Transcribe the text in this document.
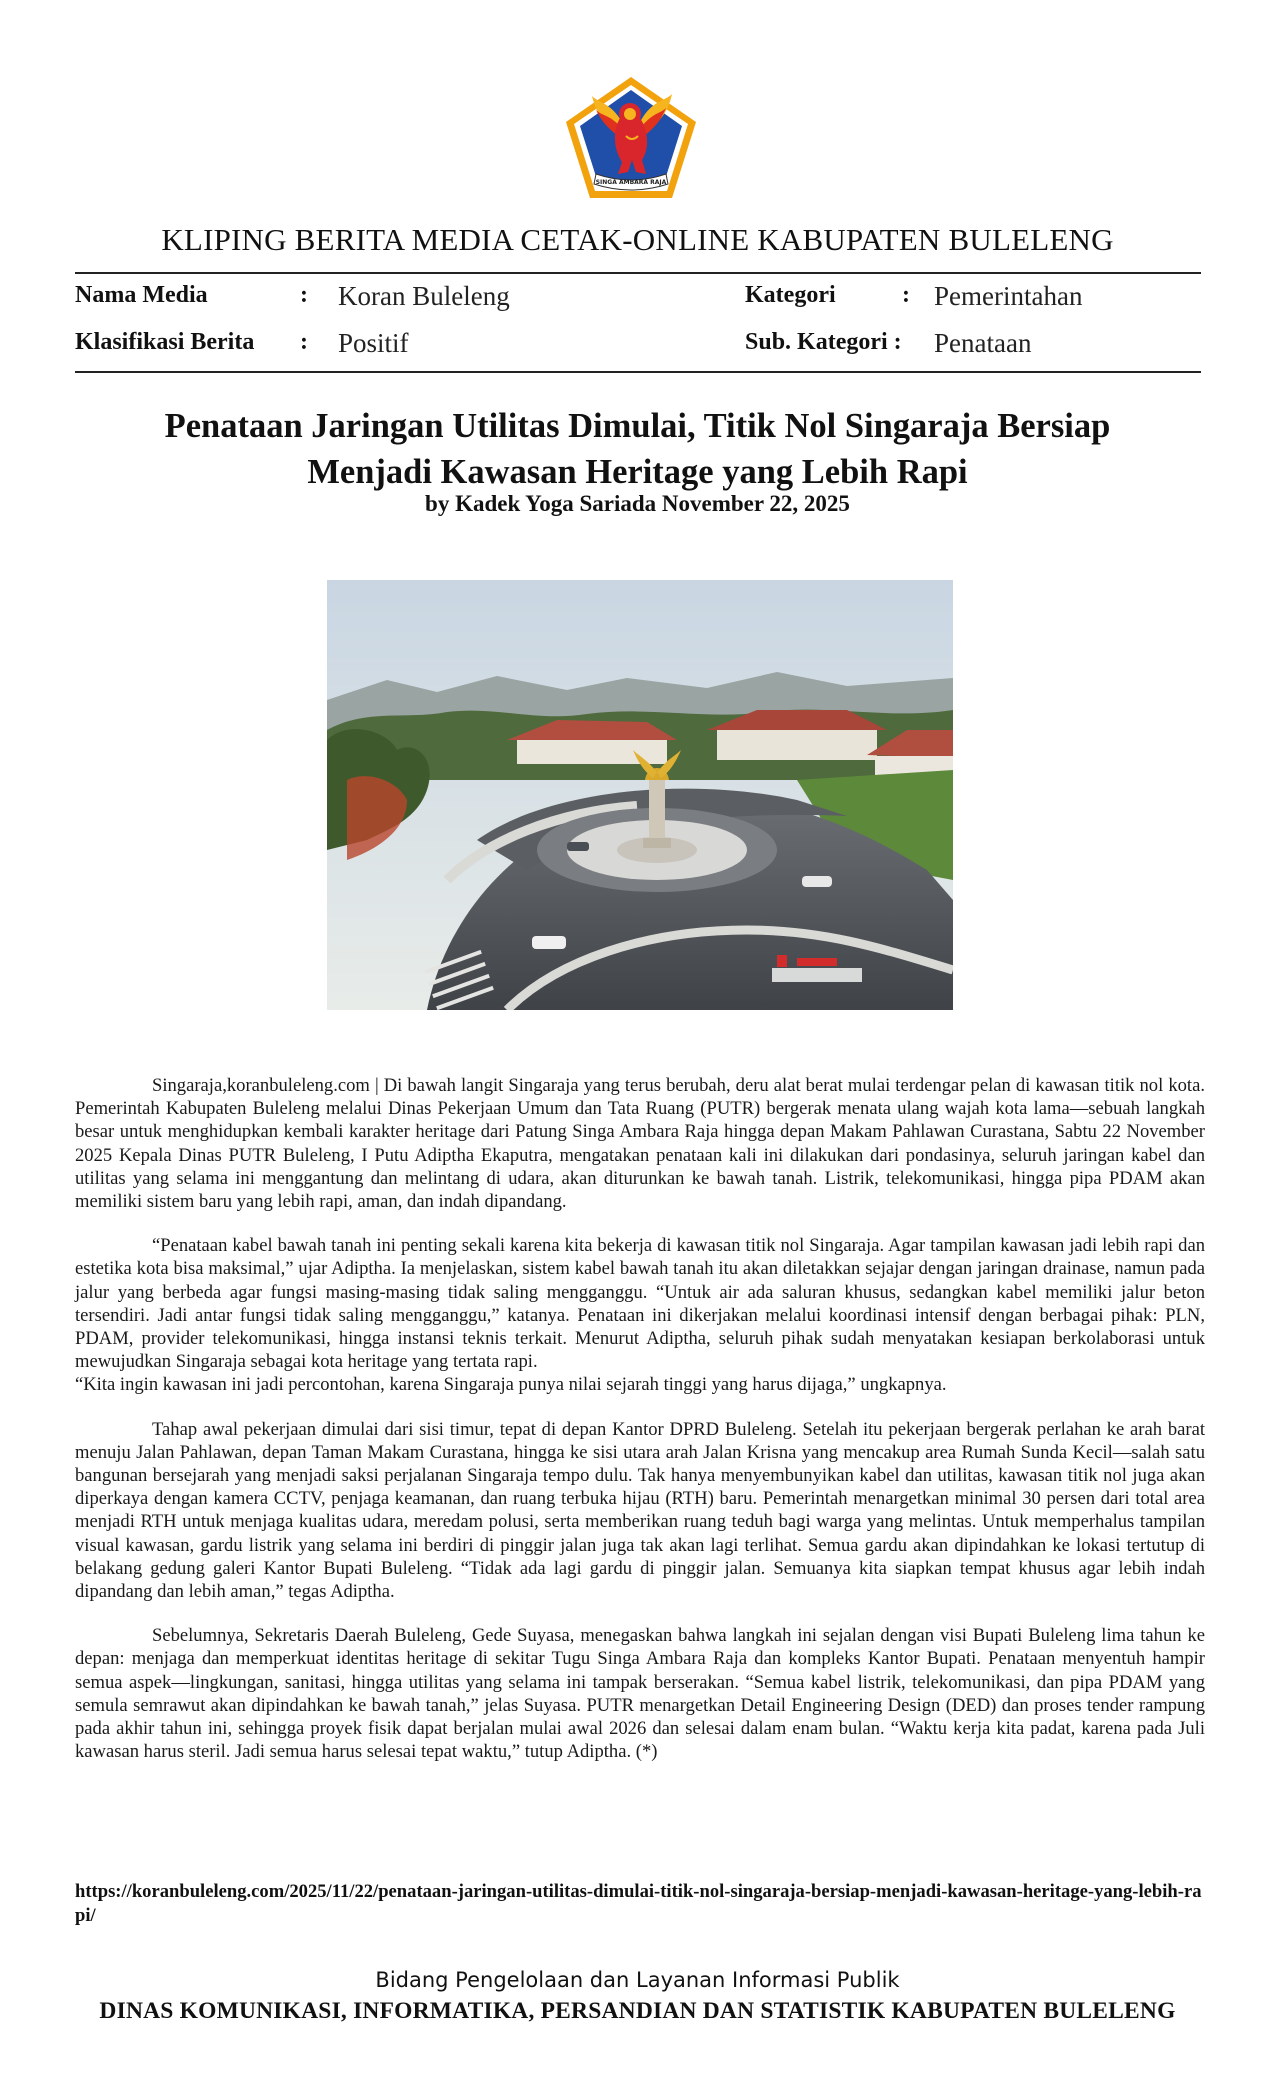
SINGA AMBARA RAJA
KLIPING BERITA MEDIA CETAK-ONLINE KABUPATEN BULELENG
Nama Media	: Koran Buleleng	Kategori	: Pemerintahan
Klasifikasi Berita : Positif	Sub. Kategori : Penataan
Penataan Jaringan Utilitas Dimulai, Titik Nol Singaraja Bersiap Menjadi Kawasan Heritage yang Lebih Rapi
by Kadek Yoga Sariada November 22, 2025

Singaraja,koranbuleleng.com | Di bawah langit Singaraja yang terus berubah, deru alat berat mulai terdengar pelan di kawasan titik nol kota. Pemerintah Kabupaten Buleleng melalui Dinas Pekerjaan Umum dan Tata Ruang (PUTR) bergerak menata ulang wajah kota lama—sebuah langkah besar untuk menghidupkan kembali karakter heritage dari Patung Singa Ambara Raja hingga depan Makam Pahlawan Curastana, Sabtu 22 November 2025 Kepala Dinas PUTR Buleleng, I Putu Adiptha Ekaputra, mengatakan penataan kali ini dilakukan dari pondasinya, seluruh jaringan kabel dan utilitas yang selama ini menggantung dan melintang di udara, akan diturunkan ke bawah tanah. Listrik, telekomunikasi, hingga pipa PDAM akan memiliki sistem baru yang lebih rapi, aman, dan indah dipandang.

“Penataan kabel bawah tanah ini penting sekali karena kita bekerja di kawasan titik nol Singaraja. Agar tampilan kawasan jadi lebih rapi dan estetika kota bisa maksimal,” ujar Adiptha. Ia menjelaskan, sistem kabel bawah tanah itu akan diletakkan sejajar dengan jaringan drainase, namun pada jalur yang berbeda agar fungsi masing-masing tidak saling mengganggu. “Untuk air ada saluran khusus, sedangkan kabel memiliki jalur beton tersendiri. Jadi antar fungsi tidak saling mengganggu,” katanya. Penataan ini dikerjakan melalui koordinasi intensif dengan berbagai pihak: PLN, PDAM, provider telekomunikasi, hingga instansi teknis terkait. Menurut Adiptha, seluruh pihak sudah menyatakan kesiapan berkolaborasi untuk mewujudkan Singaraja sebagai kota heritage yang tertata rapi.

“Kita ingin kawasan ini jadi percontohan, karena Singaraja punya nilai sejarah tinggi yang harus dijaga,” ungkapnya.

Tahap awal pekerjaan dimulai dari sisi timur, tepat di depan Kantor DPRD Buleleng. Setelah itu pekerjaan bergerak perlahan ke arah barat menuju Jalan Pahlawan, depan Taman Makam Curastana, hingga ke sisi utara arah Jalan Krisna yang mencakup area Rumah Sunda Kecil—salah satu bangunan bersejarah yang menjadi saksi perjalanan Singaraja tempo dulu. Tak hanya menyembunyikan kabel dan utilitas, kawasan titik nol juga akan diperkaya dengan kamera CCTV, penjaga keamanan, dan ruang terbuka hijau (RTH) baru. Pemerintah menargetkan minimal 30 persen dari total area menjadi RTH untuk menjaga kualitas udara, meredam polusi, serta memberikan ruang teduh bagi warga yang melintas. Untuk memperhalus tampilan visual kawasan, gardu listrik yang selama ini berdiri di pinggir jalan juga tak akan lagi terlihat. Semua gardu akan dipindahkan ke lokasi tertutup di belakang gedung galeri Kantor Bupati Buleleng. “Tidak ada lagi gardu di pinggir jalan. Semuanya kita siapkan tempat khusus agar lebih indah dipandang dan lebih aman,” tegas Adiptha.

Sebelumnya, Sekretaris Daerah Buleleng, Gede Suyasa, menegaskan bahwa langkah ini sejalan dengan visi Bupati Buleleng lima tahun ke depan: menjaga dan memperkuat identitas heritage di sekitar Tugu Singa Ambara Raja dan kompleks Kantor Bupati. Penataan menyentuh hampir semua aspek—lingkungan, sanitasi, hingga utilitas yang selama ini tampak berserakan. “Semua kabel listrik, telekomunikasi, dan pipa PDAM yang semula semrawut akan dipindahkan ke bawah tanah,” jelas Suyasa. PUTR menargetkan Detail Engineering Design (DED) dan proses tender rampung pada akhir tahun ini, sehingga proyek fisik dapat berjalan mulai awal 2026 dan selesai dalam enam bulan. “Waktu kerja kita padat, karena pada Juli kawasan harus steril. Jadi semua harus selesai tepat waktu,” tutup Adiptha. (*)

https://koranbuleleng.com/2025/11/22/penataan-jaringan-utilitas-dimulai-titik-nol-singaraja-bersiap-menjadi-kawasan-heritage-yang-lebih-rapi/
Bidang Pengelolaan dan Layanan Informasi Publik
DINAS KOMUNIKASI, INFORMATIKA, PERSANDIAN DAN STATISTIK KABUPATEN BULELENG
